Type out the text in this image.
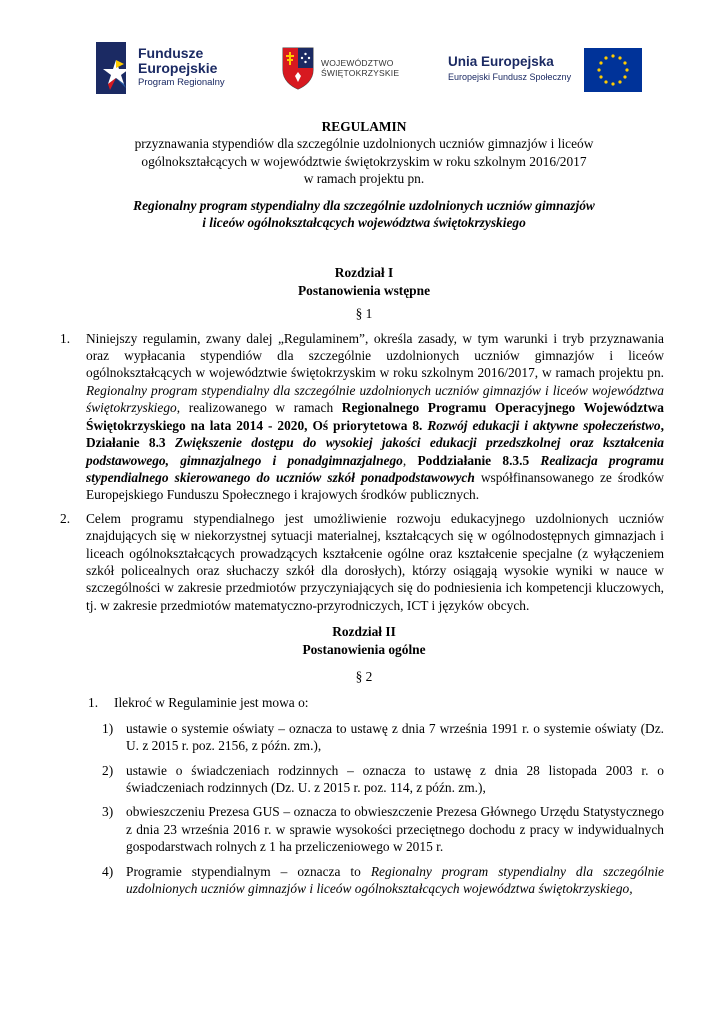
Fundusze
Europejskie
Program Regionalny
WOJEWÓDZTWO
ŚWIĘTOKRZYSKIE
Unia Europejska
Europejski Fundusz Społeczny

REGULAMIN

przyznawania stypendiów dla szczególnie uzdolnionych uczniów gimnazjów i liceów

ogólnokształcących w województwie świętokrzyskim w roku szkolnym 2016/2017

w ramach projektu pn.

Regionalny program stypendialny dla szczególnie uzdolnionych uczniów gimnazjów

i liceów ogólnokształcących województwa świętokrzyskiego

Rozdział I
Postanowienia wstępne
§ 1
1. Niniejszy regulamin, zwany dalej „Regulaminem”, określa zasady, w tym warunki i tryb przyznawania oraz wypłacania stypendiów dla szczególnie uzdolnionych uczniów gimnazjów i liceów ogólnokształcących w województwie świętokrzyskim w roku szkolnym 2016/2017, w ramach projektu pn. Regionalny program stypendialny dla szczególnie uzdolnionych uczniów gimnazjów i liceów województwa świętokrzyskiego, realizowanego w ramach Regionalnego Programu Operacyjnego Województwa Świętokrzyskiego na lata 2014 - 2020, Oś priorytetowa 8. Rozwój edukacji i aktywne społeczeństwo, Działanie 8.3 Zwiększenie dostępu do wysokiej jakości edukacji przedszkolnej oraz kształcenia podstawowego, gimnazjalnego i ponadgimnazjalnego, Poddziałanie 8.3.5 Realizacja programu stypendialnego skierowanego do uczniów szkół ponadpodstawowych współfinansowanego ze środków Europejskiego Funduszu Społecznego i krajowych środków publicznych.
2. Celem programu stypendialnego jest umożliwienie rozwoju edukacyjnego uzdolnionych uczniów znajdujących się w niekorzystnej sytuacji materialnej, kształcących się w ogólnodostępnych gimnazjach i liceach ogólnokształcących prowadzących kształcenie ogólne oraz kształcenie specjalne (z wyłączeniem szkół policealnych oraz słuchaczy szkół dla dorosłych), którzy osiągają wysokie wyniki w nauce w szczególności w zakresie przedmiotów przyczyniających się do podniesienia ich kompetencji kluczowych, tj. w zakresie przedmiotów matematyczno-przyrodniczych, ICT i języków obcych.
Rozdział II
Postanowienia ogólne
§ 2
1. Ilekroć w Regulaminie jest mowa o:
1) ustawie o systemie oświaty – oznacza to ustawę z dnia 7 września 1991 r. o systemie oświaty (Dz. U. z 2015 r. poz. 2156, z późn. zm.),
2) ustawie o świadczeniach rodzinnych – oznacza to ustawę z dnia 28 listopada 2003 r. o świadczeniach rodzinnych (Dz. U. z 2015 r. poz. 114, z późn. zm.),
3) obwieszczeniu Prezesa GUS – oznacza to obwieszczenie Prezesa Głównego Urzędu Statystycznego z dnia 23 września 2016 r. w sprawie wysokości przeciętnego dochodu z pracy w indywidualnych gospodarstwach rolnych z 1 ha przeliczeniowego w 2015 r.
4) Programie stypendialnym – oznacza to Regionalny program stypendialny dla szczególnie uzdolnionych uczniów gimnazjów i liceów ogólnokształcących województwa świętokrzyskiego,
